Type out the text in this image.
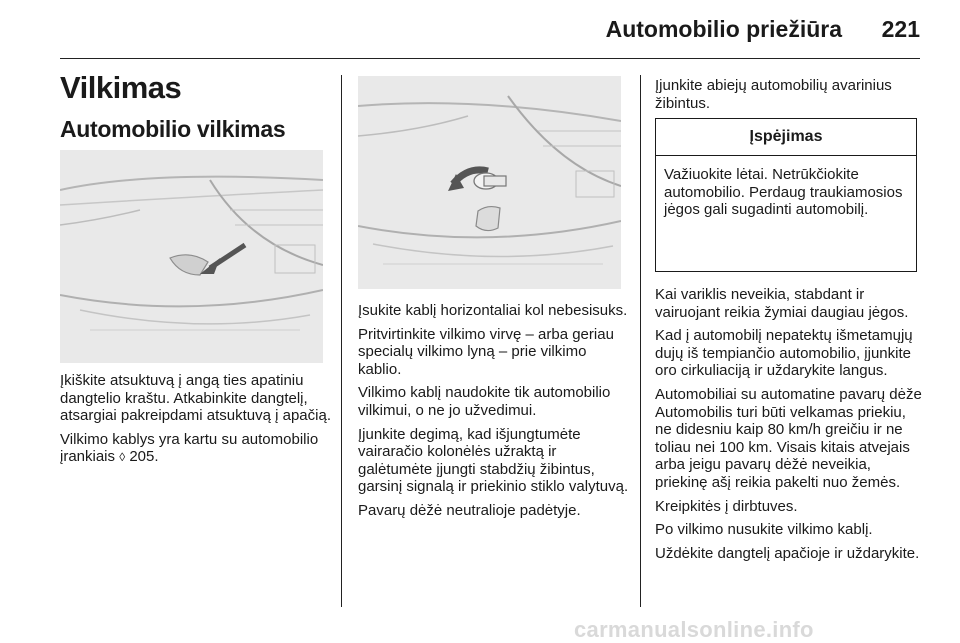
Automobilio priežiūra 221
Vilkimas
Automobilio vilkimas

Įkiškite atsuktuvą į angą ties apatiniu dangtelio kraštu. Atkabinkite dangtelį, atsargiai pakreipdami atsuktuvą į apačią.

Vilkimo kablys yra kartu su automobilio įrankiais ◊ 205.

Įsukite kablį horizontaliai kol nebesisuks.

Pritvirtinkite vilkimo virvę – arba geriau specialų vilkimo lyną – prie vilkimo kablio.

Vilkimo kablį naudokite tik automobilio vilkimui, o ne jo užvedimui.

Įjunkite degimą, kad išjungtumėte vairaračio kolonėlės užraktą ir galėtumėte įjungti stabdžių žibintus, garsinį signalą ir priekinio stiklo valytuvą.

Pavarų dėžė neutralioje padėtyje.

Įjunkite abiejų automobilių avarinius žibintus.

Įspėjimas
Važiuokite lėtai. Netrūkčiokite automobilio. Perdaug traukiamosios jėgos gali sugadinti automobilį.

Kai variklis neveikia, stabdant ir vairuojant reikia žymiai daugiau jėgos.

Kad į automobilį nepatektų išmetamųjų dujų iš tempiančio automobilio, įjunkite oro cirkuliaciją ir uždarykite langus.

Automobiliai su automatine pavarų dėže Automobilis turi būti velkamas priekiu, ne didesniu kaip 80 km/h greičiu ir ne toliau nei 100 km. Visais kitais atvejais arba jeigu pavarų dėžė neveikia, priekinę ašį reikia pakelti nuo žemės.

Kreipkitės į dirbtuves.

Po vilkimo nusukite vilkimo kablį.

Uždėkite dangtelį apačioje ir uždarykite.

carmanualsonline.info
